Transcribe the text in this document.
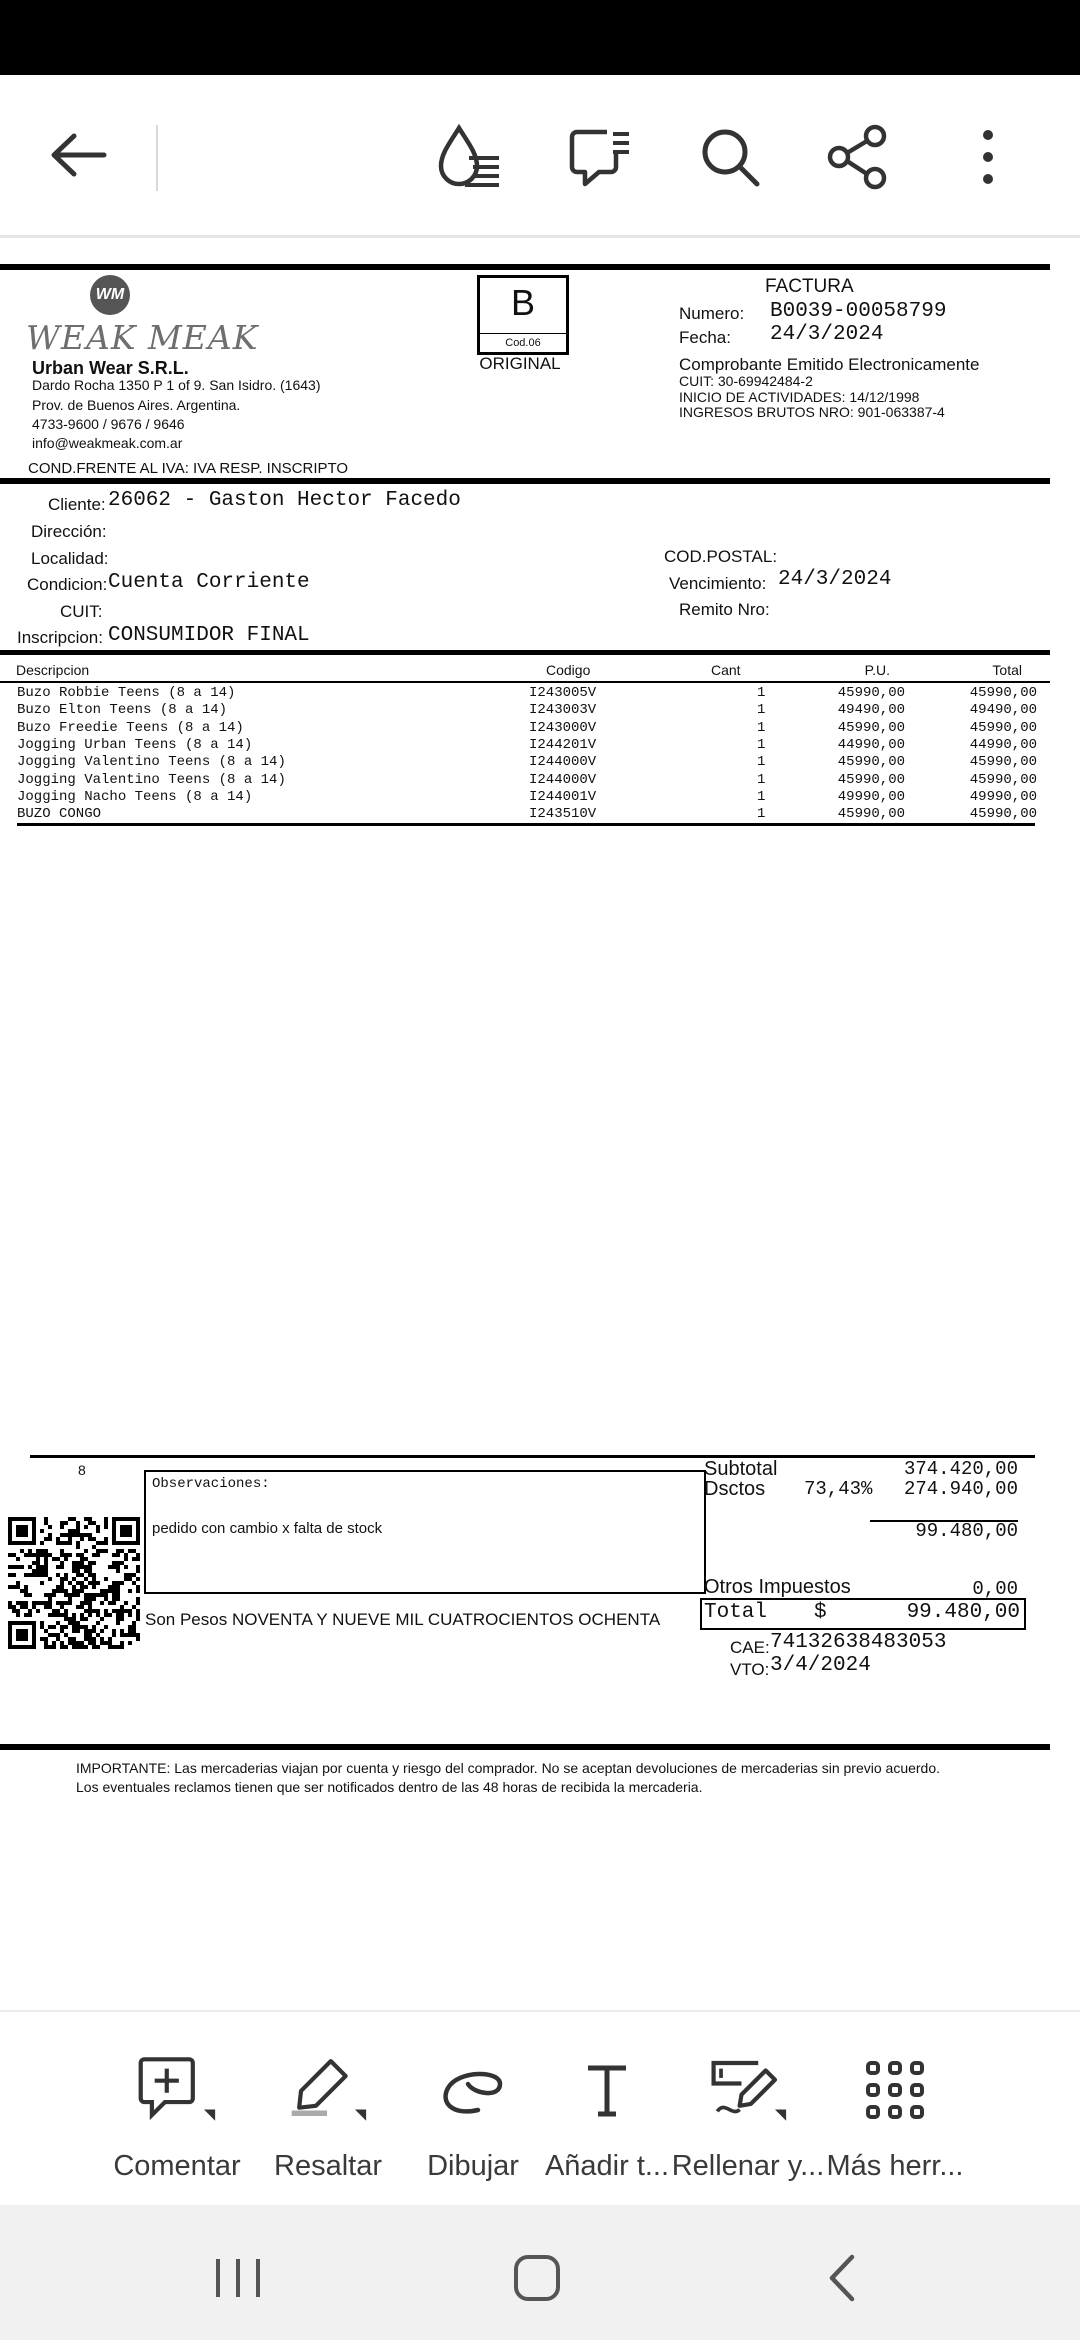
WM
WEAK MEAK
Urban Wear S.R.L.
Dardo Rocha 1350 P 1 of 9. San Isidro. (1643)
Prov. de Buenos Aires. Argentina.
4733-9600 / 9676 / 9646
info@weakmeak.com.ar
COND.FRENTE AL IVA: IVA RESP. INSCRIPTO
B
Cod.06
ORIGINAL
FACTURA
Numero: B0039-00058799
Fecha: 24/3/2024
Comprobante Emitido Electronicamente
CUIT: 30-69942484-2
INICIO DE ACTIVIDADES: 14/12/1998
INGRESOS BRUTOS NRO: 901-063387-4
Cliente: 26062 - Gaston Hector Facedo
Dirección:
Localidad:	COD.POSTAL:
Condicion: Cuenta Corriente	Vencimiento: 24/3/2024
CUIT:	Remito Nro:
Inscripcion: CONSUMIDOR FINAL
Descripcion	Codigo	Cant	P.U.	Total
8
Observaciones:
pedido con cambio x falta de stock
Son Pesos NOVENTA Y NUEVE MIL CUATROCIENTOS OCHENTA
Subtotal	374.420,00
Dsctos 73,43%	274.940,00
99.480,00
Otros Impuestos	0,00
Total $	99.480,00
CAE: 74132638483053
VTO: 3/4/2024
IMPORTANTE: Las mercaderias viajan por cuenta y riesgo del comprador. No se aceptan devoluciones de mercaderias sin previo acuerdo.
Los eventuales reclamos tienen que ser notificados dentro de las 48 horas de recibida la mercaderia.
Buzo Robbie Teens (8 a 14)	I243005V	1	45990,00	45990,00
Buzo Elton Teens (8 a 14)	I243003V	1	49490,00	49490,00
Buzo Freedie Teens (8 a 14)	I243000V	1	45990,00	45990,00
Jogging Urban Teens (8 a 14)	I244201V	1	44990,00	44990,00
Jogging Valentino Teens (8 a 14)	I244000V	1	45990,00	45990,00
Jogging Valentino Teens (8 a 14)	I244000V	1	45990,00	45990,00
Jogging Nacho Teens (8 a 14)	I244001V	1	49990,00	49990,00
BUZO CONGO	I243510V	1	45990,00	45990,00
Comentar Resaltar Dibujar Añadir t... Rellenar y... Más herr...
